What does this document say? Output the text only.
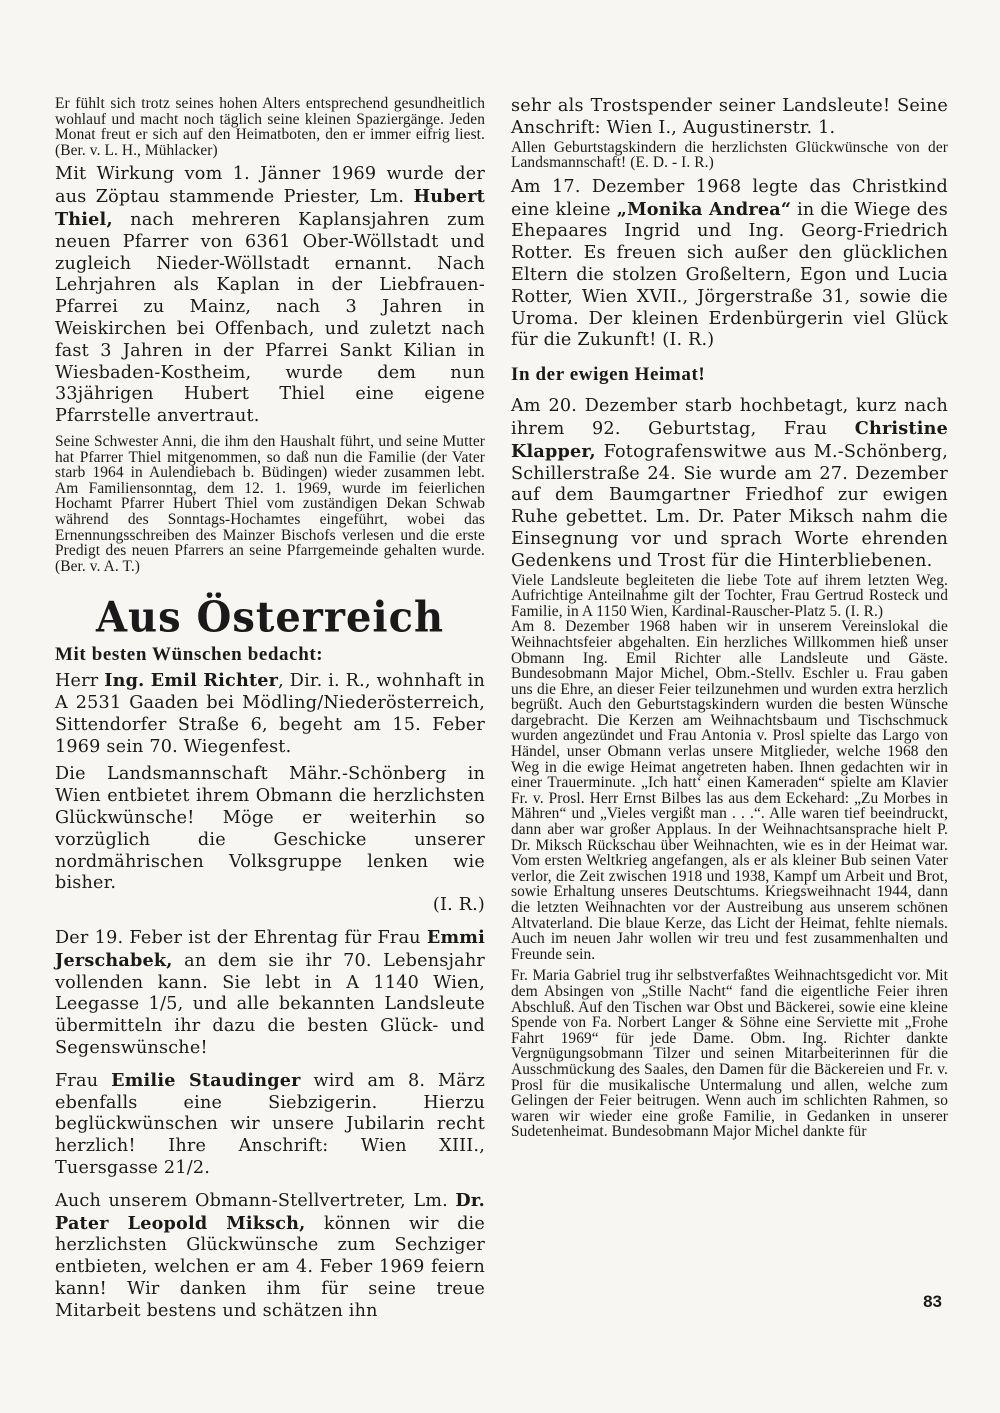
Er fühlt sich trotz seines hohen Alters entsprechend gesundheitlich wohlauf und macht noch täglich seine kleinen Spaziergänge. Jeden Monat freut er sich auf den Heimatboten, den er immer eifrig liest. (Ber. v. L. H., Mühlacker)

Mit Wirkung vom 1. Jänner 1969 wurde der aus Zöptau stammende Priester, Lm. Hubert Thiel, nach mehreren Kaplansjahren zum neuen Pfarrer von 6361 Ober-Wöllstadt und zugleich Nieder-Wöllstadt ernannt. Nach Lehrjahren als Kaplan in der Liebfrauen-Pfarrei zu Mainz, nach 3 Jahren in Weiskirchen bei Offenbach, und zuletzt nach fast 3 Jahren in der Pfarrei Sankt Kilian in Wiesbaden-Kostheim, wurde dem nun 33jährigen Hubert Thiel eine eigene Pfarrstelle anvertraut.

Seine Schwester Anni, die ihm den Haushalt führt, und seine Mutter hat Pfarrer Thiel mitgenommen, so daß nun die Familie (der Vater starb 1964 in Aulendiebach b. Büdingen) wieder zusammen lebt. Am Familiensonntag, dem 12. 1. 1969, wurde im feierlichen Hochamt Pfarrer Hubert Thiel vom zuständigen Dekan Schwab während des Sonntags-Hochamtes eingeführt, wobei das Ernennungsschreiben des Mainzer Bischofs verlesen und die erste Predigt des neuen Pfarrers an seine Pfarrgemeinde gehalten wurde. (Ber. v. A. T.)

Aus Österreich
Mit besten Wünschen bedacht:

Herr Ing. Emil Richter, Dir. i. R., wohnhaft in A 2531 Gaaden bei Mödling/Niederösterreich, Sittendorfer Straße 6, begeht am 15. Feber 1969 sein 70. Wiegenfest.

Die Landsmannschaft Mähr.-Schönberg in Wien entbietet ihrem Obmann die herzlichsten Glückwünsche! Möge er weiterhin so vorzüglich die Geschicke unserer nordmährischen Volksgruppe lenken wie bisher.

(I. R.)

Der 19. Feber ist der Ehrentag für Frau Emmi Jerschabek, an dem sie ihr 70. Lebensjahr vollenden kann. Sie lebt in A 1140 Wien, Leegasse 1/5, und alle bekannten Landsleute übermitteln ihr dazu die besten Glück- und Segenswünsche!

Frau Emilie Staudinger wird am 8. März ebenfalls eine Siebzigerin. Hierzu beglückwünschen wir unsere Jubilarin recht herzlich! Ihre Anschrift: Wien XIII., Tuersgasse 21/2.

Auch unserem Obmann-Stellvertreter, Lm. Dr. Pater Leopold Miksch, können wir die herzlichsten Glückwünsche zum Sechziger entbieten, welchen er am 4. Feber 1969 feiern kann! Wir danken ihm für seine treue Mitarbeit bestens und schätzen ihn

sehr als Trostspender seiner Landsleute! Seine Anschrift: Wien I., Augustinerstr. 1.

Allen Geburtstagskindern die herzlichsten Glückwünsche von der Landsmannschaft! (E. D. - I. R.)

Am 17. Dezember 1968 legte das Christkind eine kleine „Monika Andrea“ in die Wiege des Ehepaares Ingrid und Ing. Georg-Friedrich Rotter. Es freuen sich außer den glücklichen Eltern die stolzen Großeltern, Egon und Lucia Rotter, Wien XVII., Jörgerstraße 31, sowie die Uroma. Der kleinen Erdenbürgerin viel Glück für die Zukunft! (I. R.)

In der ewigen Heimat!

Am 20. Dezember starb hochbetagt, kurz nach ihrem 92. Geburtstag, Frau Christine Klapper, Fotografenswitwe aus M.-Schönberg, Schillerstraße 24. Sie wurde am 27. Dezember auf dem Baumgartner Friedhof zur ewigen Ruhe gebettet. Lm. Dr. Pater Miksch nahm die Einsegnung vor und sprach Worte ehrenden Gedenkens und Trost für die Hinterbliebenen.

Viele Landsleute begleiteten die liebe Tote auf ihrem letzten Weg. Aufrichtige Anteilnahme gilt der Tochter, Frau Gertrud Rosteck und Familie, in A 1150 Wien, Kardinal-Rauscher-Platz 5. (I. R.)

Am 8. Dezember 1968 haben wir in unserem Vereinslokal die Weihnachtsfeier abgehalten. Ein herzliches Willkommen hieß unser Obmann Ing. Emil Richter alle Landsleute und Gäste. Bundesobmann Major Michel, Obm.-Stellv. Eschler u. Frau gaben uns die Ehre, an dieser Feier teilzunehmen und wurden extra herzlich begrüßt. Auch den Geburtstagskindern wurden die besten Wünsche dargebracht. Die Kerzen am Weihnachtsbaum und Tischschmuck wurden angezündet und Frau Antonia v. Prosl spielte das Largo von Händel, unser Obmann verlas unsere Mitglieder, welche 1968 den Weg in die ewige Heimat angetreten haben. Ihnen gedachten wir in einer Trauerminute. „Ich hatt‘ einen Kameraden“ spielte am Klavier Fr. v. Prosl. Herr Ernst Bilbes las aus dem Eckehard: „Zu Morbes in Mähren“ und „Vieles vergißt man . . .“. Alle waren tief beeindruckt, dann aber war großer Applaus. In der Weihnachtsansprache hielt P. Dr. Miksch Rückschau über Weihnachten, wie es in der Heimat war. Vom ersten Weltkrieg angefangen, als er als kleiner Bub seinen Vater verlor, die Zeit zwischen 1918 und 1938, Kampf um Arbeit und Brot, sowie Erhaltung unseres Deutschtums. Kriegsweihnacht 1944, dann die letzten Weihnachten vor der Austreibung aus unserem schönen Altvaterland. Die blaue Kerze, das Licht der Heimat, fehlte niemals. Auch im neuen Jahr wollen wir treu und fest zusammenhalten und Freunde sein.

Fr. Maria Gabriel trug ihr selbstverfaßtes Weihnachtsgedicht vor. Mit dem Absingen von „Stille Nacht“ fand die eigentliche Feier ihren Abschluß. Auf den Tischen war Obst und Bäckerei, sowie eine kleine Spende von Fa. Norbert Langer & Söhne eine Serviette mit „Frohe Fahrt 1969“ für jede Dame. Obm. Ing. Richter dankte Vergnügungsobmann Tilzer und seinen Mitarbeiterinnen für die Ausschmückung des Saales, den Damen für die Bäckereien und Fr. v. Prosl für die musikalische Untermalung und allen, welche zum Gelingen der Feier beitrugen. Wenn auch im schlichten Rahmen, so waren wir wieder eine große Familie, in Gedanken in unserer Sudetenheimat. Bundesobmann Major Michel dankte für

83
